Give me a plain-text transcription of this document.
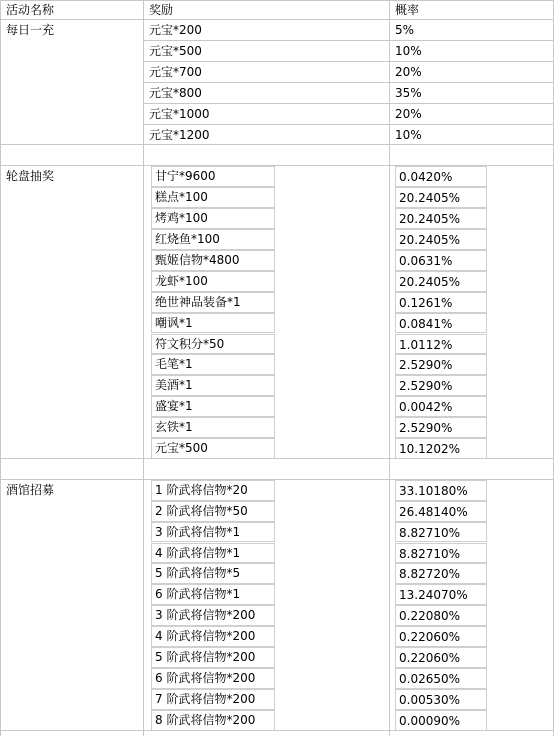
活动名称	奖励	概率
每日一充	元宝*200	5%
元宝*500	10%
元宝*700	20%
元宝*800	35%
元宝*1000	20%
元宝*1200	10%
轮盘抽奖	甘宁*9600	0.0420%
糕点*100	20.2405%
烤鸡*100	20.2405%
红烧鱼*100	20.2405%
甄姬信物*4800	0.0631%
龙虾*100	20.2405%
绝世神品装备*1	0.1261%
嘲讽*1	0.0841%
符文积分*50	1.0112%
毛笔*1	2.5290%
美酒*1	2.5290%
盛宴*1	0.0042%
玄铁*1	2.5290%
元宝*500	10.1202%
酒馆招募	1 阶武将信物*20	33.10180%
2 阶武将信物*50	26.48140%
3 阶武将信物*1	8.82710%
4 阶武将信物*1	8.82710%
5 阶武将信物*5	8.82720%
6 阶武将信物*1	13.24070%
3 阶武将信物*200	0.22080%
4 阶武将信物*200	0.22060%
5 阶武将信物*200	0.22060%
6 阶武将信物*200	0.02650%
7 阶武将信物*200	0.00530%
8 阶武将信物*200	0.00090%
